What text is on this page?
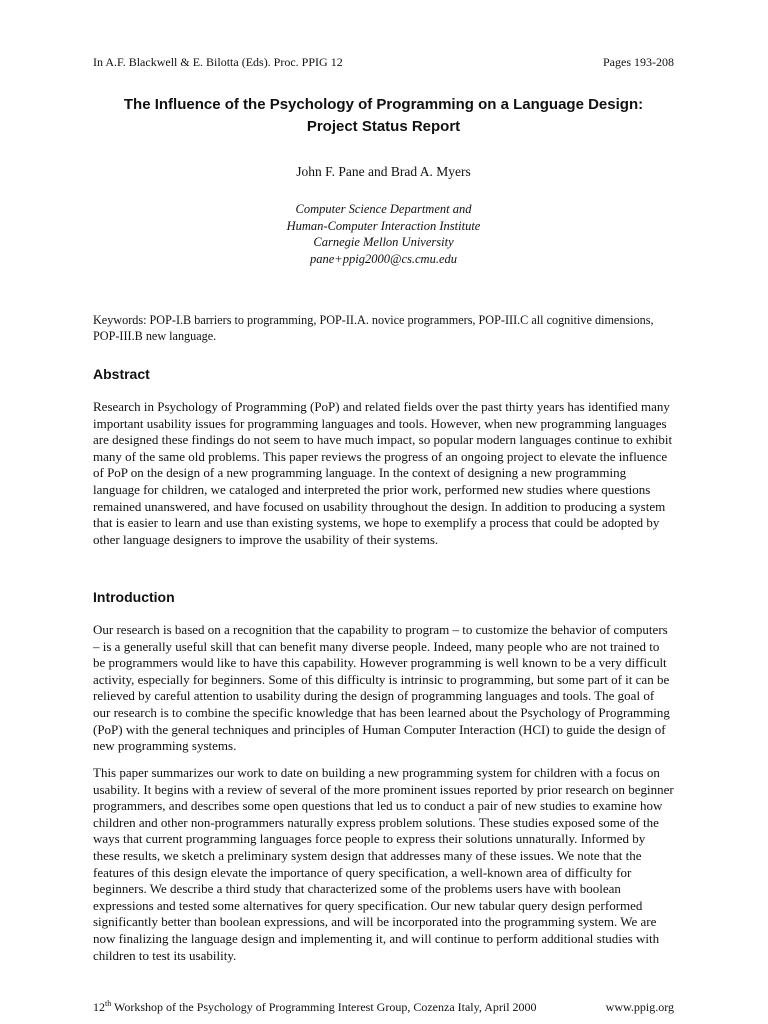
In A.F. Blackwell & E. Bilotta (Eds). Proc. PPIG 12	Pages 193-208
The Influence of the Psychology of Programming on a Language Design:
Project Status Report
John F. Pane and Brad A. Myers
Computer Science Department and
Human-Computer Interaction Institute
Carnegie Mellon University
pane+ppig2000@cs.cmu.edu
Keywords: POP-I.B barriers to programming, POP-II.A. novice programmers, POP-III.C all cognitive dimensions, POP-III.B new language.
Abstract
Research in Psychology of Programming (PoP) and related fields over the past thirty years has identified many important usability issues for programming languages and tools. However, when new programming languages are designed these findings do not seem to have much impact, so popular modern languages continue to exhibit many of the same old problems. This paper reviews the progress of an ongoing project to elevate the influence of PoP on the design of a new programming language. In the context of designing a new programming language for children, we cataloged and interpreted the prior work, performed new studies where questions remained unanswered, and have focused on usability throughout the design. In addition to producing a system that is easier to learn and use than existing systems, we hope to exemplify a process that could be adopted by other language designers to improve the usability of their systems.
Introduction
Our research is based on a recognition that the capability to program – to customize the behavior of computers – is a generally useful skill that can benefit many diverse people. Indeed, many people who are not trained to be programmers would like to have this capability. However programming is well known to be a very difficult activity, especially for beginners. Some of this difficulty is intrinsic to programming, but some part of it can be relieved by careful attention to usability during the design of programming languages and tools. The goal of our research is to combine the specific knowledge that has been learned about the Psychology of Programming (PoP) with the general techniques and principles of Human Computer Interaction (HCI) to guide the design of new programming systems.
This paper summarizes our work to date on building a new programming system for children with a focus on usability. It begins with a review of several of the more prominent issues reported by prior research on beginner programmers, and describes some open questions that led us to conduct a pair of new studies to examine how children and other non-programmers naturally express problem solutions. These studies exposed some of the ways that current programming languages force people to express their solutions unnaturally. Informed by these results, we sketch a preliminary system design that addresses many of these issues. We note that the features of this design elevate the importance of query specification, a well-known area of difficulty for beginners. We describe a third study that characterized some of the problems users have with boolean expressions and tested some alternatives for query specification. Our new tabular query design performed significantly better than boolean expressions, and will be incorporated into the programming system. We are now finalizing the language design and implementing it, and will continue to perform additional studies with children to test its usability.
12th Workshop of the Psychology of Programming Interest Group, Cozenza Italy, April 2000	www.ppig.org
